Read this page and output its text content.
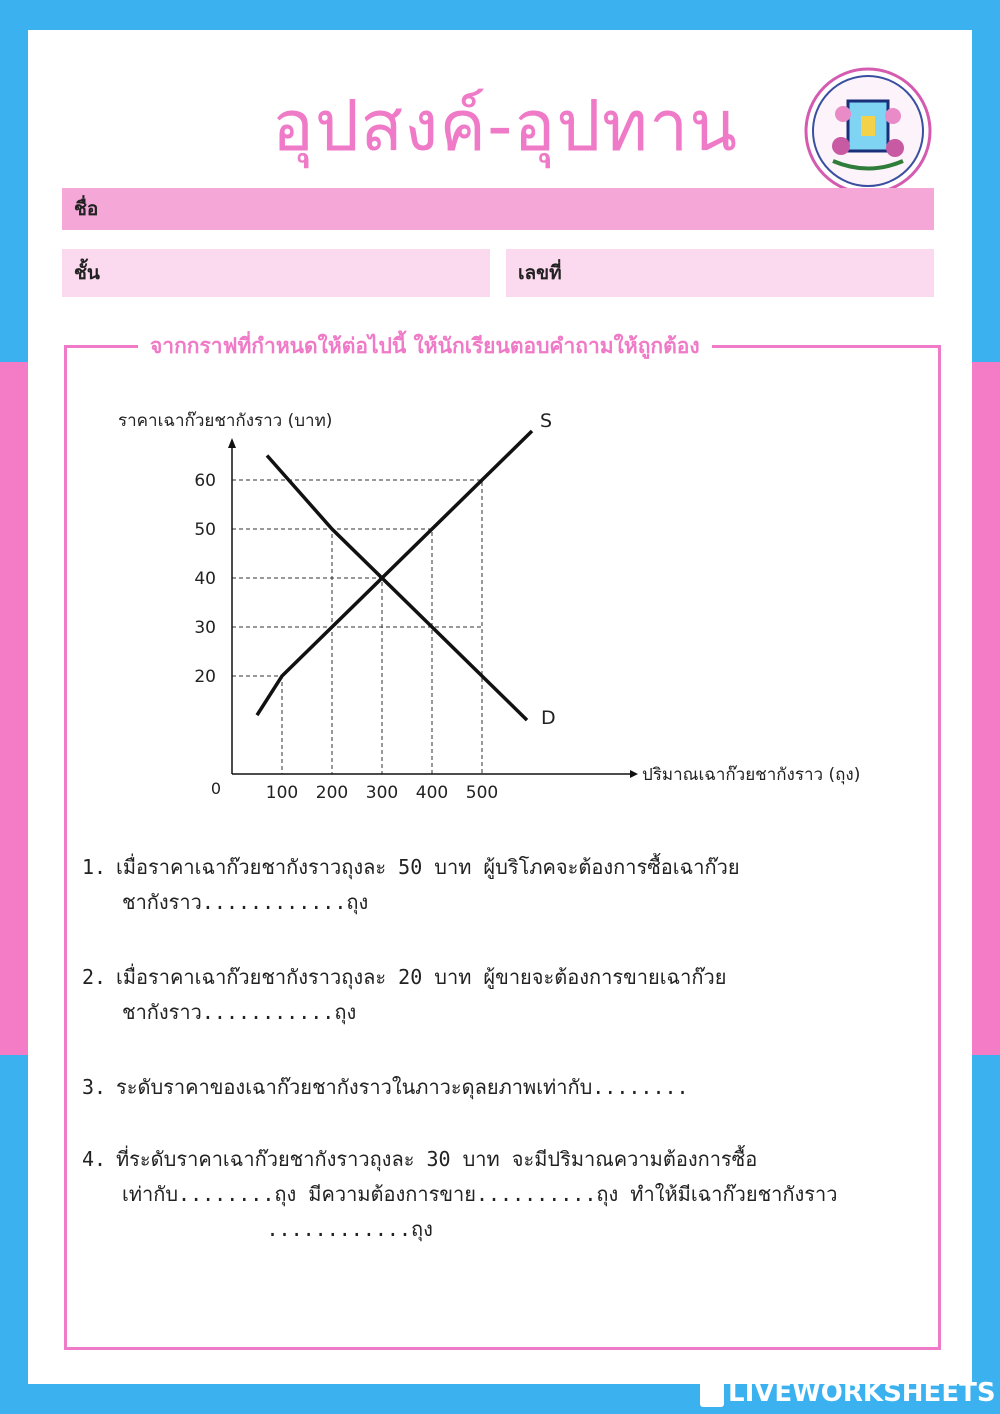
อุปสงค์-อุปทาน
ชื่อ
ชั้น	เลขที่
จากกราฟที่กำหนดให้ต่อไปนี้ ให้นักเรียนตอบคำถามให้ถูกต้อง
100 200 300 400 500
20
30
40
50
60
0
ราคาเฉาก๊วยชากังราว (บาท)
ปริมาณเฉาก๊วยชากังราว (ถุง)
S
D
1. เมื่อราคาเฉาก๊วยชากังราวถุงละ 50 บาท ผู้บริโภคจะต้องการซื้อเฉาก๊วย
ชากังราว............ถุง
2. เมื่อราคาเฉาก๊วยชากังราวถุงละ 20 บาท ผู้ขายจะต้องการขายเฉาก๊วย
ชากังราว...........ถุง
3. ระดับราคาของเฉาก๊วยชากังราวในภาวะดุลยภาพเท่ากับ........
4. ที่ระดับราคาเฉาก๊วยชากังราวถุงละ 30 บาท จะมีปริมาณความต้องการซื้อ
เท่ากับ........ถุง มีความต้องการขาย..........ถุง ทำให้มีเฉาก๊วยชากังราว
............ถุง
LIVEWORKSHEETS
